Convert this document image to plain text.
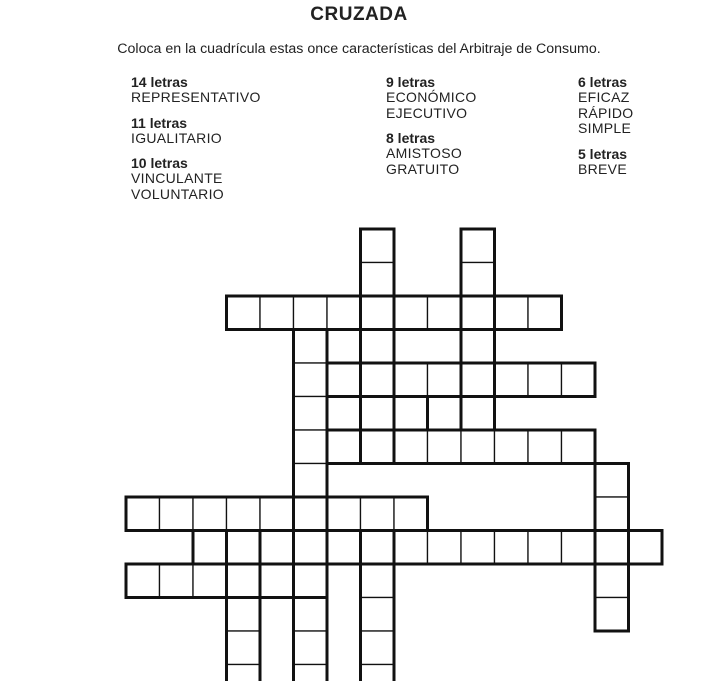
CRUZADA
Coloca en la cuadrícula estas once características del Arbitraje de Consumo.
14 letras
REPRESENTATIVO
11 letras
IGUALITARIO
10 letras
VINCULANTE
VOLUNTARIO
9 letras
ECONÓMICO
EJECUTIVO
8 letras
AMISTOSO
GRATUITO
6 letras
EFICAZ
RÁPIDO
SIMPLE
5 letras
BREVE
